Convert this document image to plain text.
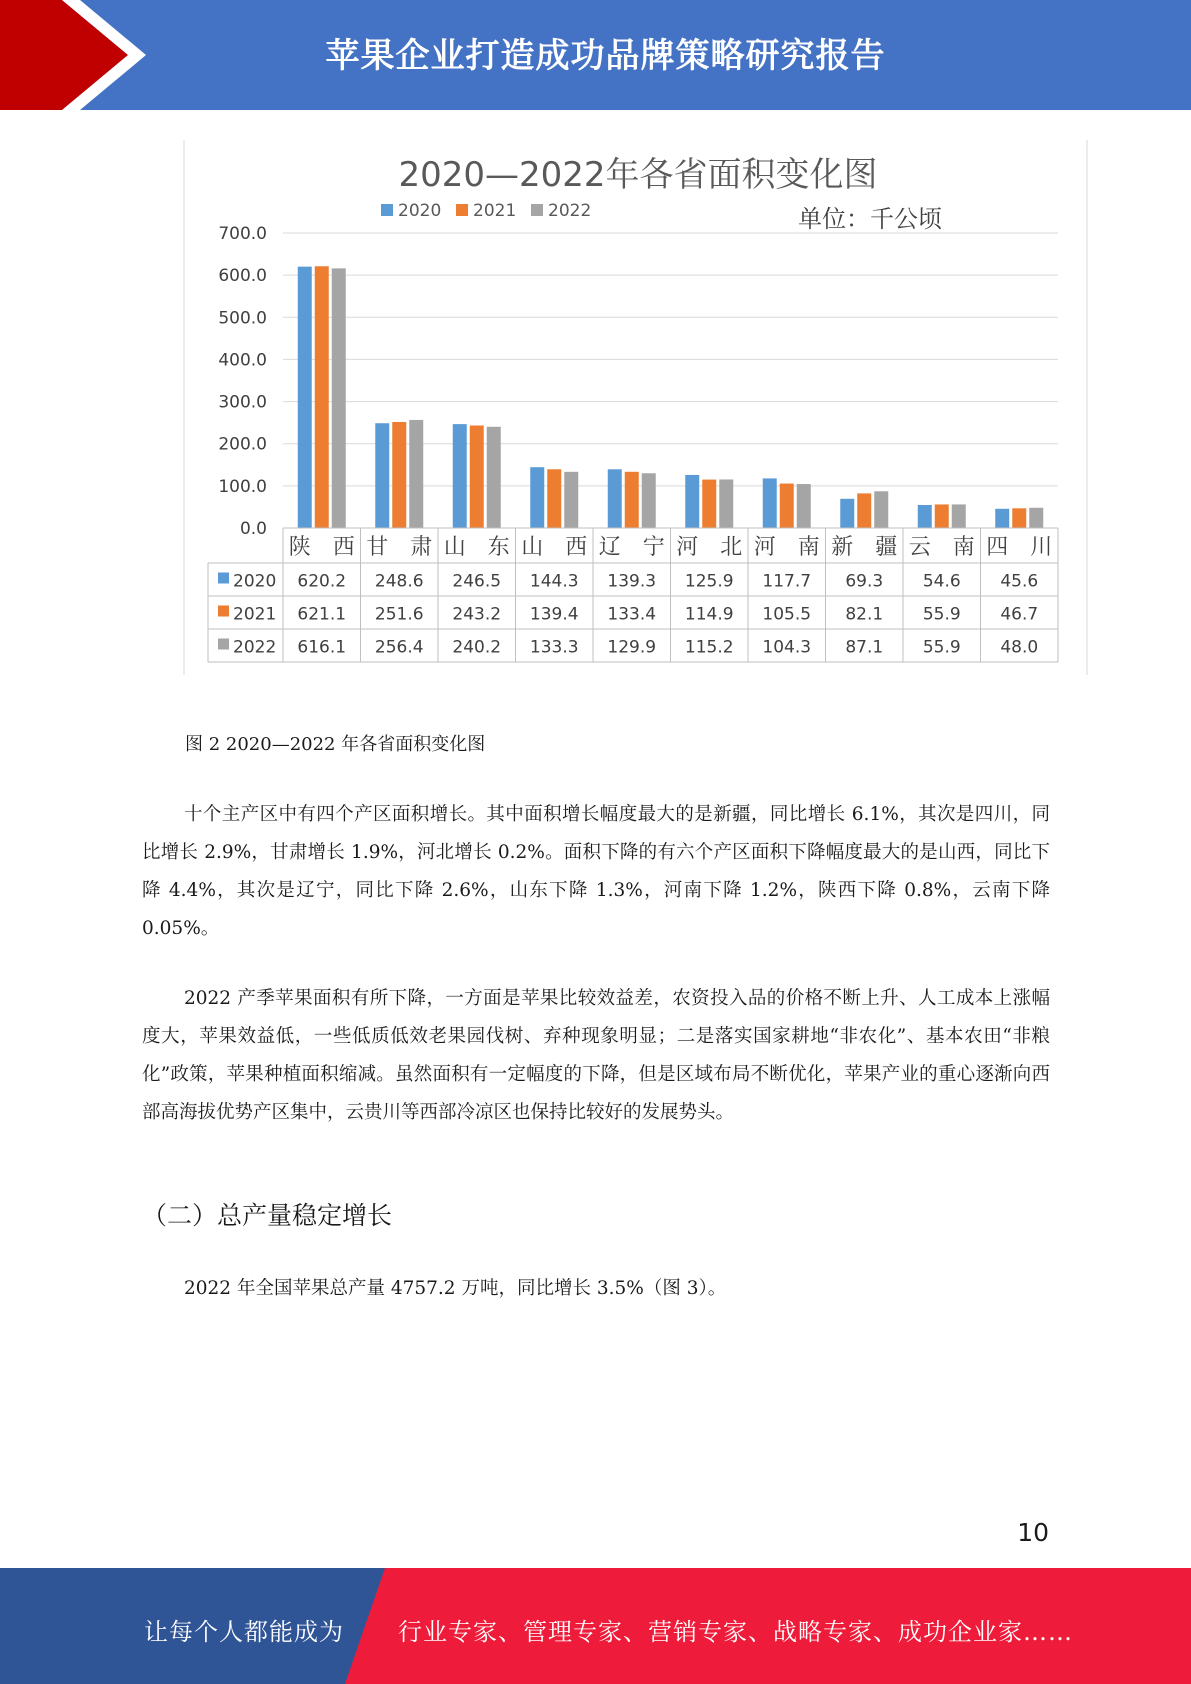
苹果企业打造成功品牌策略研究报告
2020—2022年各省面积变化图
2020 2021 2022	单位：千公顷
0.0
100.0
200.0
300.0
400.0
500.0
600.0
700.0
陕　西 甘　肃 山　东 山　西 辽　宁 河　北 河　南 新　疆 云　南 四　川
2020 620.2 248.6 246.5 144.3 139.3 125.9 117.7 69.3 54.6 45.6
2021 621.1 251.6 243.2 139.4 133.4 114.9 105.5 82.1 55.9 46.7
2022 616.1 256.4 240.2 133.3 129.9 115.2 104.3 87.1 55.9 48.0
图 2 2020—2022 年各省面积变化图
十个主产区中有四个产区面积增长。其中面积增长幅度最大的是新疆，同比增长 6.1%，其次是四川，同比增长 2.9%，甘肃增长 1.9%，河北增长 0.2%。面积下降的有六个产区面积下降幅度最大的是山西，同比下降 4.4%，其次是辽宁，同比下降 2.6%，山东下降 1.3%，河南下降 1.2%，陕西下降 0.8%，云南下降 0.05%。
2022 产季苹果面积有所下降，一方面是苹果比较效益差，农资投入品的价格不断上升、人工成本上涨幅度大，苹果效益低，一些低质低效老果园伐树、弃种现象明显；二是落实国家耕地“非农化”、基本农田“非粮化”政策，苹果种植面积缩减。虽然面积有一定幅度的下降，但是区域布局不断优化，苹果产业的重心逐渐向西部高海拔优势产区集中，云贵川等西部冷凉区也保持比较好的发展势头。
（二）总产量稳定增长
2022 年全国苹果总产量 4757.2 万吨，同比增长 3.5%（图 3）。
10
让每个人都能成为 行业专家、管理专家、营销专家、战略专家、成功企业家……
